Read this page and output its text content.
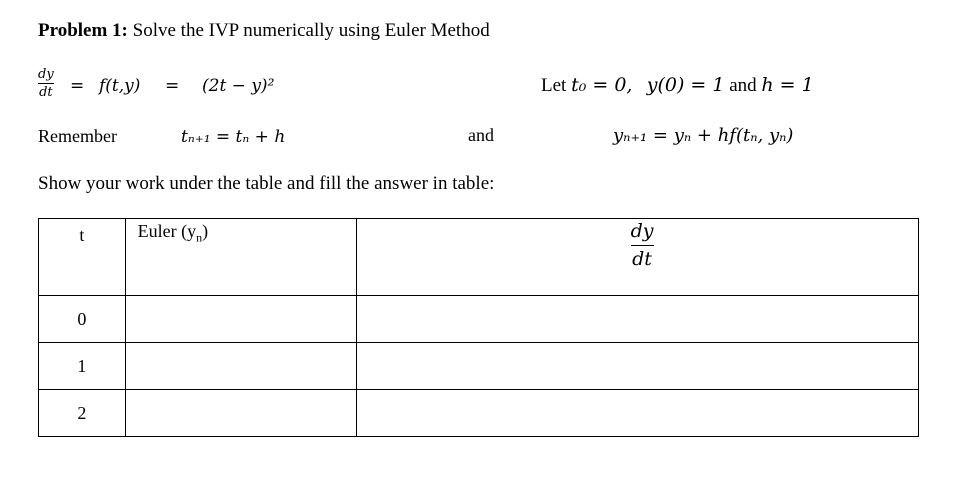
Problem 1: Solve the IVP numerically using Euler Method
dy
dt = f(t,y) = (2t − y)²	Let t₀ = 0, y(0) = 1 and h = 1
Remember	tₙ₊₁ = tₙ + h	and	yₙ₊₁ = yₙ + hf(tₙ, yₙ)
Show your work under the table and fill the answer in table:
t	Euler $(y_n)$	dy
dt

0		
1		
2		
